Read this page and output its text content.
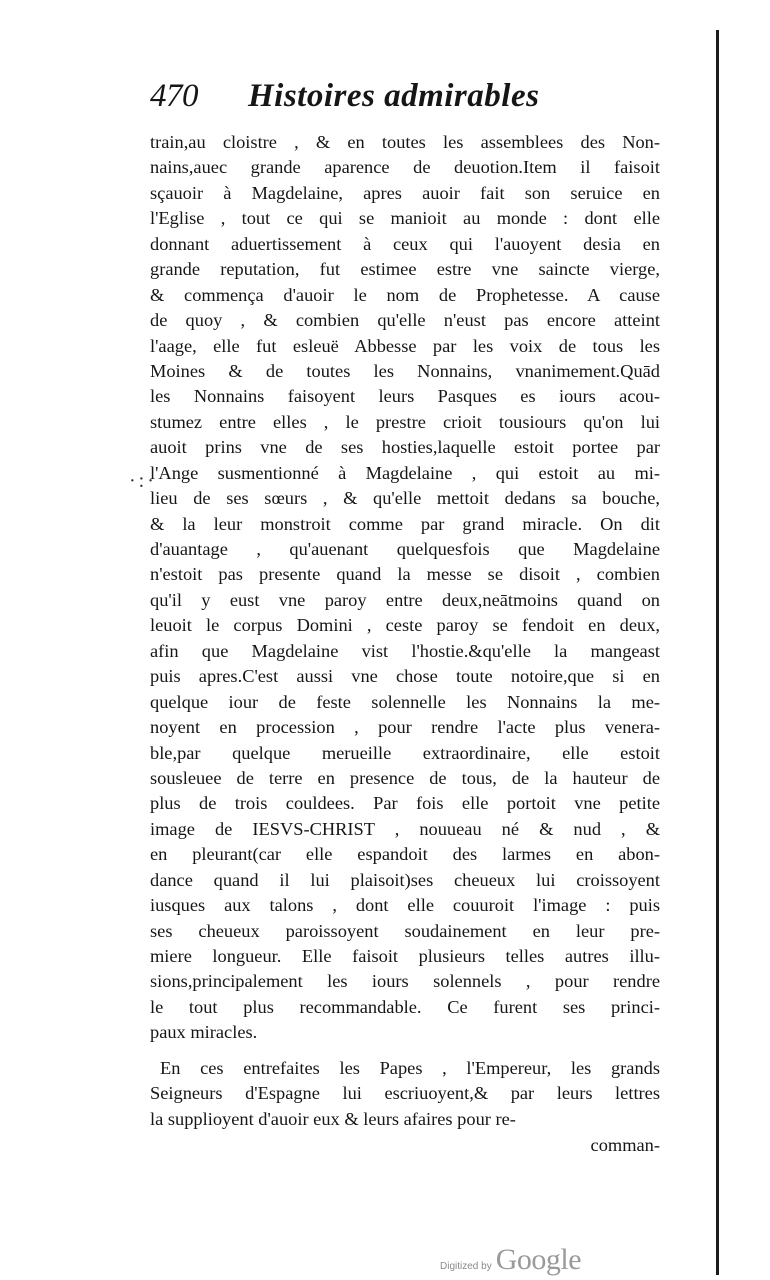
·:·
470	Histoires admirables
train,au cloistre , & en toutes les assemblees des Non-
nains,auec grande aparence de deuotion.Item il faisoit
sçauoir à Magdelaine, apres auoir fait son seruice en
l'Eglise , tout ce qui se manioit au monde : dont elle
donnant aduertissement à ceux qui l'auoyent desia en
grande reputation, fut estimee estre vne saincte vierge,
& commença d'auoir le nom de Prophetesse. A cause
de quoy , & combien qu'elle n'eust pas encore atteint
l'aage, elle fut esleuë Abbesse par les voix de tous les
Moines & de toutes les Nonnains, vnanimement.Quād
les Nonnains faisoyent leurs Pasques es iours acou-
stumez entre elles , le prestre crioit tousiours qu'on lui
auoit prins vne de ses hosties,laquelle estoit portee par
l'Ange susmentionné à Magdelaine , qui estoit au mi-
lieu de ses sœurs , & qu'elle mettoit dedans sa bouche,
& la leur monstroit comme par grand miracle. On dit
d'auantage , qu'auenant quelquesfois que Magdelaine
n'estoit pas presente quand la messe se disoit , combien
qu'il y eust vne paroy entre deux,neātmoins quand on
leuoit le corpus Domini , ceste paroy se fendoit en deux,
afin que Magdelaine vist l'hostie.&qu'elle la mangeast
puis apres.C'est aussi vne chose toute notoire,que si en
quelque iour de feste solennelle les Nonnains la me-
noyent en procession , pour rendre l'acte plus venera-
ble,par quelque merueille extraordinaire, elle estoit
sousleuee de terre en presence de tous, de la hauteur de
plus de trois couldees. Par fois elle portoit vne petite
image de IESVS-CHRIST , nouueau né & nud , &
en pleurant(car elle espandoit des larmes en abon-
dance quand il lui plaisoit)ses cheueux lui croissoyent
iusques aux talons , dont elle couuroit l'image : puis
ses cheueux paroissoyent soudainement en leur pre-
miere longueur. Elle faisoit plusieurs telles autres illu-
sions,principalement les iours solennels , pour rendre
le tout plus recommandable. Ce furent ses princi-
paux miracles.
En ces entrefaites les Papes , l'Empereur, les grands
Seigneurs d'Espagne lui escriuoyent,& par leurs lettres
la supplioyent d'auoir eux & leurs afaires pour re-
comman-
Digitized by Google
